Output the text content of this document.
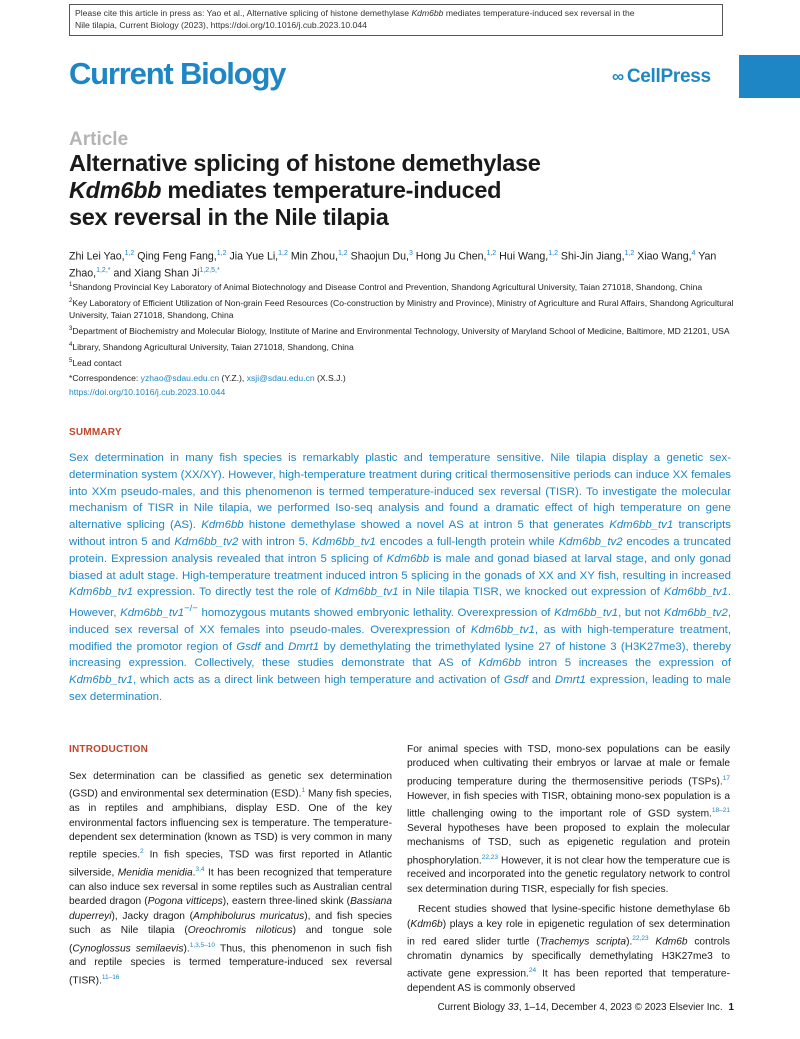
Please cite this article in press as: Yao et al., Alternative splicing of histone demethylase Kdm6bb mediates temperature-induced sex reversal in the
Nile tilapia, Current Biology (2023), https://doi.org/10.1016/j.cub.2023.10.044
Current Biology	∞ CellPress
Article
Alternative splicing of histone demethylase
Kdm6bb mediates temperature-induced
sex reversal in the Nile tilapia
Zhi Lei Yao,$^{1,2}$ Qing Feng Fang,$^{1,2}$ Jia Yue Li,$^{1,2}$ Min Zhou,$^{1,2}$ Shaojun Du,$^3$ Hong Ju Chen,$^{1,2}$ Hui Wang,$^{1,2}$ Shi-Jin Jiang,$^{1,2}$ Xiao Wang,$^4$ Yan Zhao,$^{1,2,*}$ and Xiang Shan $Ji^{1,2,5,*}$

$^1$Shandong Provincial Key Laboratory of Animal Biotechnology and Disease Control and Prevention, Shandong Agricultural University, Taian 271018, Shandong, China

$^2$Key Laboratory of Efficient Utilization of Non-grain Feed Resources (Co-construction by Ministry and Province), Ministry of Agriculture and Rural Affairs, Shandong Agricultural University, Taian 271018, Shandong, China

$^3$Department of Biochemistry and Molecular Biology, Institute of Marine and Environmental Technology, University of Maryland School of Medicine, Baltimore, MD 21201, USA

$^4$Library, Shandong Agricultural University, Taian 271018, Shandong, China

$^5$Lead contact

*Correspondence: yzhao@sdau.edu.cn (Y.Z.), xsji@sdau.edu.cn (X.S.J.)

https://doi.org/10.1016/j.cub.2023.10.044

SUMMARY
Sex determination in many fish species is remarkably plastic and temperature sensitive. Nile tilapia display a genetic sex-determination system (XX/XY). However, high-temperature treatment during critical thermosensitive periods can induce XX females into XXm pseudo-males, and this phenomenon is termed temperature-induced sex reversal (TISR). To investigate the molecular mechanism of TISR in Nile tilapia, we performed Iso-seq analysis and found a dramatic effect of high temperature on gene alternative splicing (AS). Kdm6bb histone demethylase showed a novel AS at intron 5 that generates Kdm6bb_tv1 transcripts without intron 5 and Kdm6bb_tv2 with intron 5. Kdm6bb_tv1 encodes a full-length protein while Kdm6bb_tv2 encodes a truncated protein. Expression analysis revealed that intron 5 splicing of Kdm6bb is male and gonad biased at larval stage, and only gonad biased at adult stage. High-temperature treatment induced intron 5 splicing in the gonads of XX and XY fish, resulting in increased Kdm6bb_tv1 expression. To directly test the role of Kdm6bb_tv1 in Nile tilapia TISR, we knocked out expression of Kdm6bb_tv1. However, Kdm6bb_tv1−/− homozygous mutants showed embryonic lethality. Overexpression of Kdm6bb_tv1, but not Kdm6bb_tv2, induced sex reversal of XX females into pseudo-males. Overexpression of Kdm6bb_tv1, as with high-temperature treatment, modified the promotor region of Gsdf and Dmrt1 by demethylating the trimethylated lysine 27 of histone 3 (H3K27me3), thereby increasing expression. Collectively, these studies demonstrate that AS of Kdm6bb intron 5 increases the expression of Kdm6bb_tv1, which acts as a direct link between high temperature and activation of Gsdf and Dmrt1 expression, leading to male sex determination.
INTRODUCTION

Sex determination can be classified as genetic sex determination (GSD) and environmental sex determination (ESD).$^1$ Many fish species, as in reptiles and amphibians, display ESD. One of the key environmental factors influencing sex is temperature. The temperature-dependent sex determination (known as TSD) is very common in many reptile species.$^2$ In fish species, TSD was first reported in Atlantic silverside, Menidia menidia.$^{3,4}$ It has been recognized that temperature can also induce sex reversal in some reptiles such as Australian central bearded dragon (Pogona vitticeps), eastern three-lined skink (Bassiana duperreyi), Jacky dragon (Amphibolurus muricatus), and fish species such as Nile tilapia (Oreochromis niloticus) and tongue sole (Cynoglossus semilaevis).$^{1,3,5-10}$ Thus, this phenomenon in such fish and reptile species is termed temperature-induced sex reversal (TISR).$^{11-16}$

For animal species with TSD, mono-sex populations can be easily produced when cultivating their embryos or larvae at male or female producing temperature during the thermosensitive periods (TSPs).$^{17}$ However, in fish species with TISR, obtaining mono-sex population is a little challenging owing to the important role of GSD system.$^{18-21}$ Several hypotheses have been proposed to explain the molecular mechanisms of TSD, such as epigenetic regulation and protein phosphorylation.$^{22,23}$ However, it is not clear how the temperature cue is received and incorporated into the genetic regulatory network to control sex determination during TISR, especially for fish species.

Recent studies showed that lysine-specific histone demethylase 6b (Kdm6b) plays a key role in epigenetic regulation of sex determination in red eared slider turtle (Trachemys scripta).$^{22,23}$ Kdm6b controls chromatin dynamics by specifically demethylating H3K27me3 to activate gene expression.$^{24}$ It has been reported that temperature-dependent AS is commonly observed

Current Biology 33, 1–14, December 4, 2023 © 2023 Elsevier Inc. 1
